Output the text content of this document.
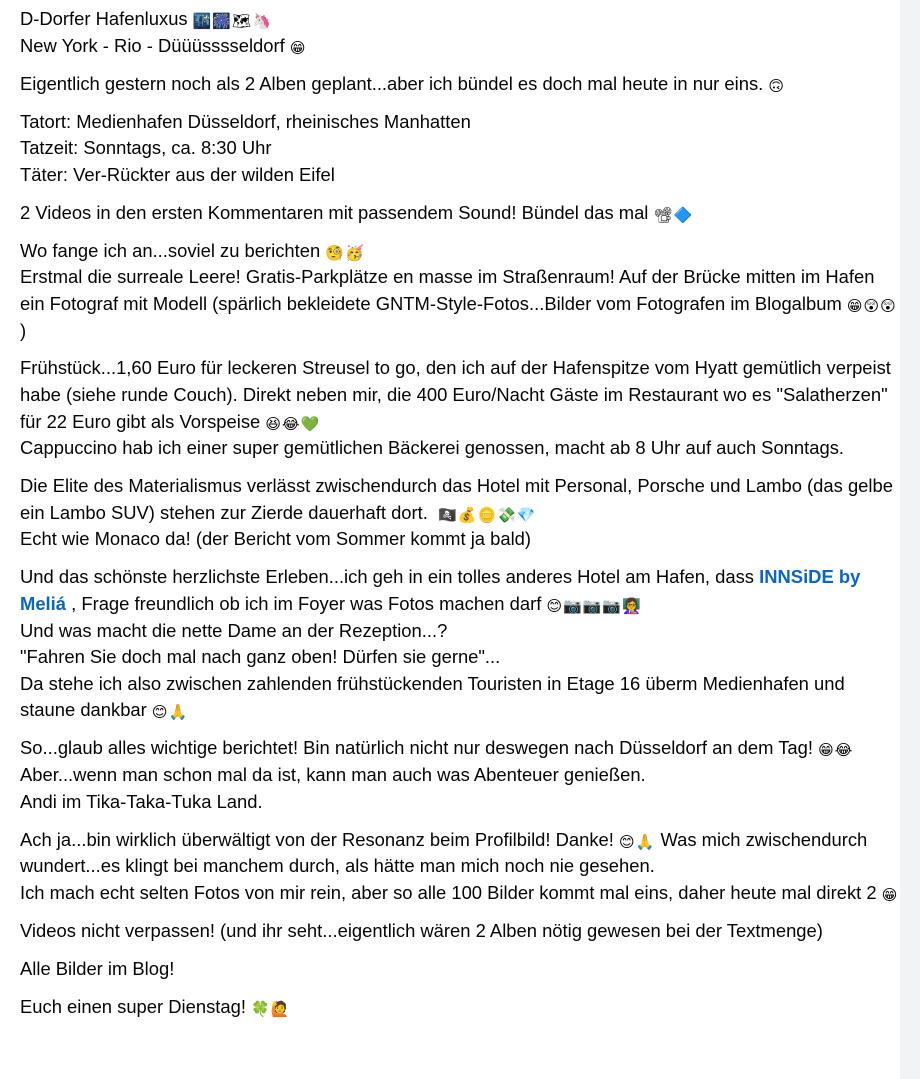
D-Dorfer Hafenluxus 🌃🎆🗺🦄
New York - Rio - Düüüsssseldorf 😁

Eigentlich gestern noch als 2 Alben geplant...aber ich bündel es doch mal heute in nur eins. 🙃

Tatort: Medienhafen Düsseldorf, rheinisches Manhatten
Tatzeit: Sonntags, ca. 8:30 Uhr
Täter: Ver-Rückter aus der wilden Eifel

2 Videos in den ersten Kommentaren mit passendem Sound! Bündel das mal 📽🔷

Wo fange ich an...soviel zu berichten 🧐🥳
Erstmal die surreale Leere! Gratis-Parkplätze en masse im Straßenraum! Auf der Brücke mitten im Hafen ein Fotograf mit Modell (spärlich bekleidete GNTM-Style-Fotos...Bilder vom Fotografen im Blogalbum 😁😲😲)

Frühstück...1,60 Euro für leckeren Streusel to go, den ich auf der Hafenspitze vom Hyatt gemütlich verpeist habe (siehe runde Couch). Direkt neben mir, die 400 Euro/Nacht Gäste im Restaurant wo es "Salatherzen" für 22 Euro gibt als Vorspeise 😆😂💚
Cappuccino hab ich einer super gemütlichen Bäckerei genossen, macht ab 8 Uhr auf auch Sonntags.

Die Elite des Materialismus verlässt zwischendurch das Hotel mit Personal, Porsche und Lambo (das gelbe ein Lambo SUV) stehen zur Zierde dauerhaft dort. 🏴‍☠️💰🪙💸💎
Echt wie Monaco da! (der Bericht vom Sommer kommt ja bald)

Und das schönste herzlichste Erleben...ich geh in ein tolles anderes Hotel am Hafen, dass INNSiDE by Meliá , Frage freundlich ob ich im Foyer was Fotos machen darf 😊📷📷📷👩‍🏫
Und was macht die nette Dame an der Rezeption...?
"Fahren Sie doch mal nach ganz oben! Dürfen sie gerne"...
Da stehe ich also zwischen zahlenden frühstückenden Touristen in Etage 16 überm Medienhafen und staune dankbar 😊🙏

So...glaub alles wichtige berichtet! Bin natürlich nicht nur deswegen nach Düsseldorf an dem Tag! 😁😂 Aber...wenn man schon mal da ist, kann man auch was Abenteuer genießen.
Andi im Tika-Taka-Tuka Land.

Ach ja...bin wirklich überwältigt von der Resonanz beim Profilbild! Danke! 😊🙏 Was mich zwischendurch wundert...es klingt bei manchem durch, als hätte man mich noch nie gesehen.
Ich mach echt selten Fotos von mir rein, aber so alle 100 Bilder kommt mal eins, daher heute mal direkt 2 😁

Videos nicht verpassen! (und ihr seht...eigentlich wären 2 Alben nötig gewesen bei der Textmenge)

Alle Bilder im Blog!

Euch einen super Dienstag! 🍀🙋
